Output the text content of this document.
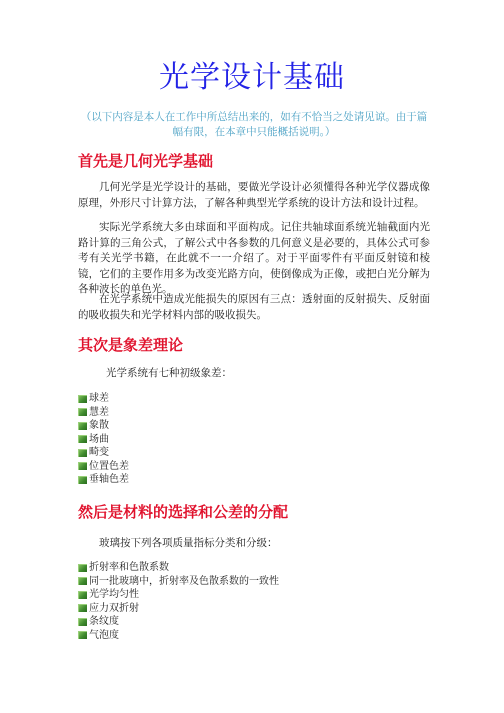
光学设计基础

（以下内容是本人在工作中所总结出来的，如有不恰当之处请见谅。由于篇幅有限，在本章中只能概括说明。）

首先是几何光学基础

几何光学是光学设计的基础，要做光学设计必须懂得各种光学仪器成像原理，外形尺寸计算方法，了解各种典型光学系统的设计方法和设计过程。

实际光学系统大多由球面和平面构成。记住共轴球面系统光轴截面内光路计算的三角公式，了解公式中各参数的几何意义是必要的，具体公式可参考有关光学书籍，在此就不一一介绍了。对于平面零件有平面反射镜和棱镜，它们的主要作用多为改变光路方向，使倒像成为正像，或把白光分解为各种波长的单色光。

在光学系统中造成光能损失的原因有三点：透射面的反射损失、反射面的吸收损失和光学材料内部的吸收损失。

其次是象差理论

光学系统有七种初级象差：

球差
慧差
象散
场曲
畸变
位置色差
垂轴色差
然后是材料的选择和公差的分配

玻璃按下列各项质量指标分类和分级：

折射率和色散系数
同一批玻璃中，折射率及色散系数的一致性
光学均匀性
应力双折射
条纹度
气泡度
